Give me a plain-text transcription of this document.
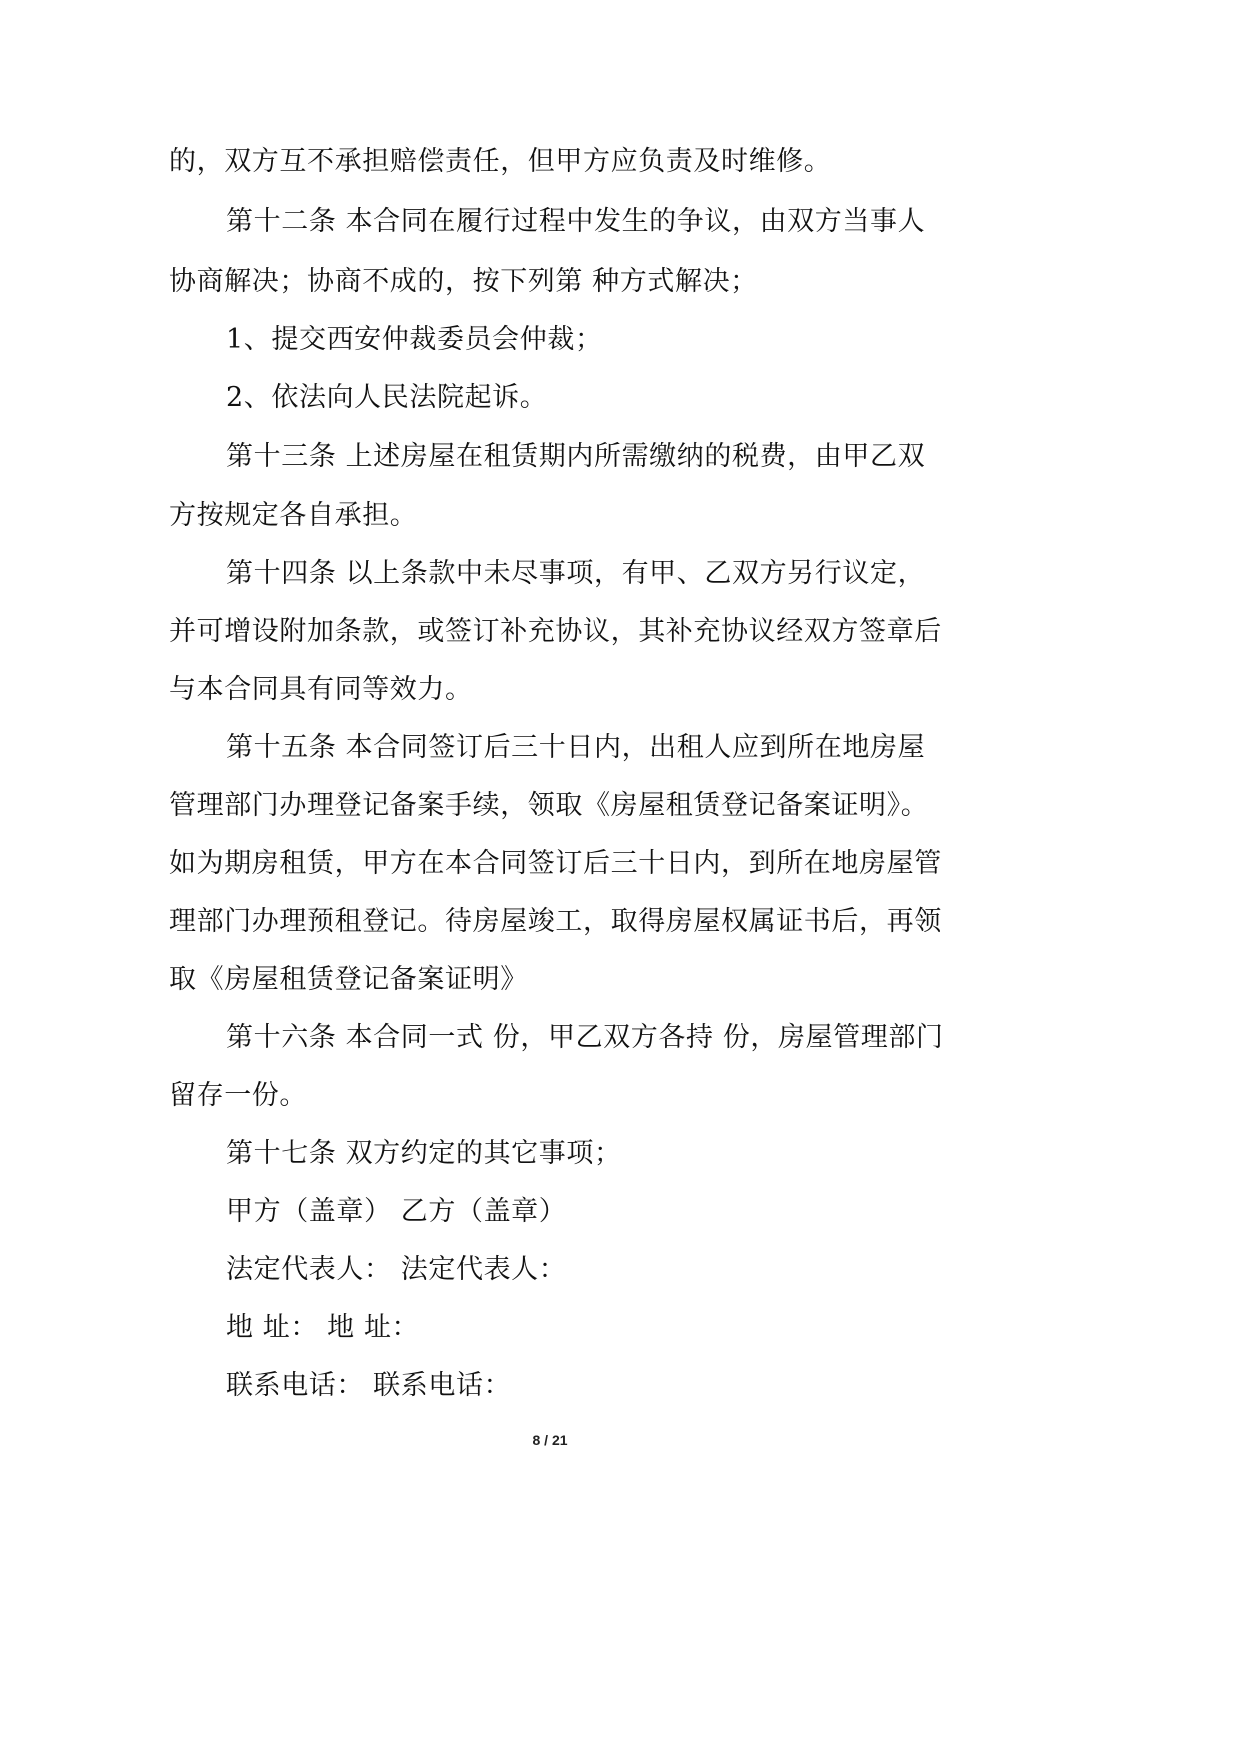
的，双方互不承担赔偿责任，但甲方应负责及时维修。
第十二条 本合同在履行过程中发生的争议，由双方当事人
协商解决；协商不成的，按下列第 种方式解决；
1、提交西安仲裁委员会仲裁；
2、依法向人民法院起诉。
第十三条 上述房屋在租赁期内所需缴纳的税费，由甲乙双
方按规定各自承担。
第十四条 以上条款中未尽事项，有甲、乙双方另行议定，
并可增设附加条款，或签订补充协议，其补充协议经双方签章后
与本合同具有同等效力。
第十五条 本合同签订后三十日内，出租人应到所在地房屋
管理部门办理登记备案手续，领取《房屋租赁登记备案证明》。
如为期房租赁，甲方在本合同签订后三十日内，到所在地房屋管
理部门办理预租登记。待房屋竣工，取得房屋权属证书后，再领
取《房屋租赁登记备案证明》
第十六条 本合同一式 份，甲乙双方各持 份，房屋管理部门
留存一份。
第十七条 双方约定的其它事项；
甲方（盖章） 乙方（盖章）
法定代表人： 法定代表人：
地 址： 地 址：
联系电话： 联系电话：
8 / 21
